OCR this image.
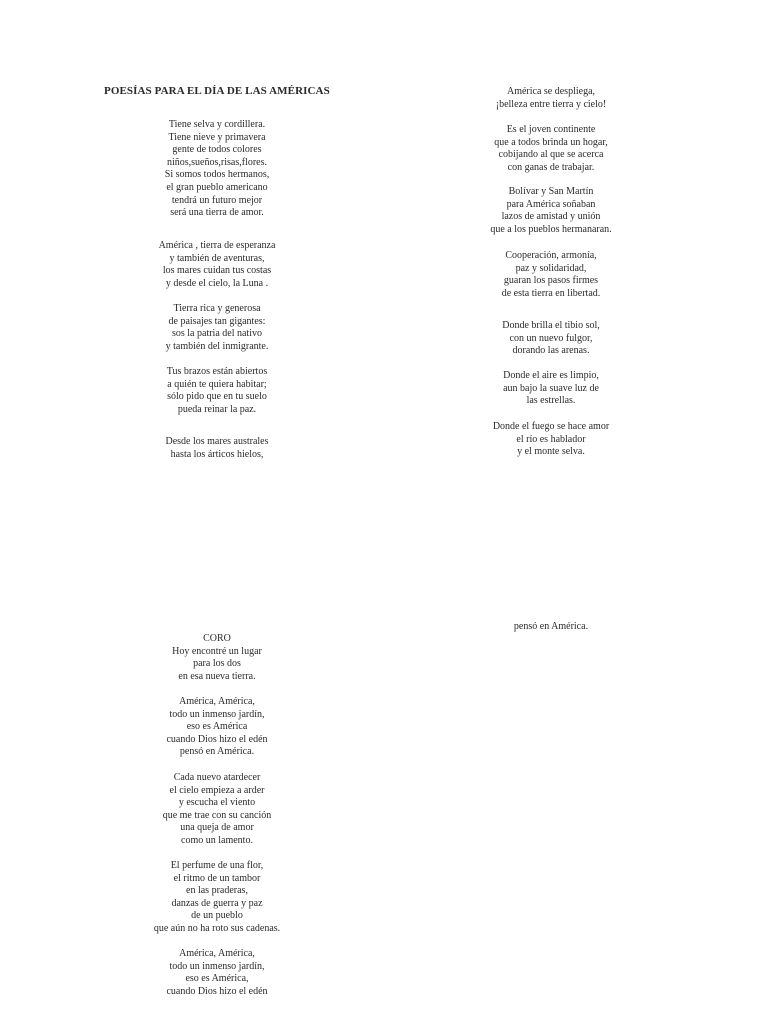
POESÍAS PARA EL DÍA DE LAS AMÉRICAS
Tiene selva y cordillera.
Tiene nieve y primavera
gente de todos colores
niños,sueños,risas,flores.
Si somos todos hermanos,
el gran pueblo americano
tendrá un futuro mejor
será una tierra de amor.
América , tierra de esperanza
y también de aventuras,
los mares cuidan tus costas
y desde el cielo, la Luna .
Tierra rica y generosa
de paisajes tan gigantes:
sos la patria del nativo
y también del inmigrante.
Tus brazos están abiertos
a quién te quiera habitar;
sólo pido que en tu suelo
pueda reinar la paz.
Desde los mares australes
hasta los árticos hielos,
América se despliega,
¡belleza entre tierra y cielo!
Es el joven continente
que a todos brinda un hogar,
cobijando al que se acerca
con ganas de trabajar.
Bolívar y San Martín
para América soñaban
lazos de amistad y unión
que a los pueblos hermanaran.
Cooperación, armonía,
paz y solidaridad,
guaran los pasos firmes
de esta tierra en libertad.
Donde brilla el tibio sol,
con un nuevo fulgor,
dorando las arenas.
Donde el aire es limpio,
aun bajo la suave luz de
las estrellas.
Donde el fuego se hace amor
el río es hablador
y el monte selva.
pensó en América.
CORO
Hoy encontré un lugar
para los dos
en esa nueva tierra.
América, América,
todo un inmenso jardín,
eso es América
cuando Dios hizo el edén
pensó en América.
Cada nuevo atardecer
el cielo empieza a arder
y escucha el viento
que me trae con su canción
una queja de amor
como un lamento.
El perfume de una flor,
el ritmo de un tambor
en las praderas,
danzas de guerra y paz
de un pueblo
que aún no ha roto sus cadenas.
América, América,
todo un inmenso jardín,
eso es América,
cuando Dios hizo el edén
